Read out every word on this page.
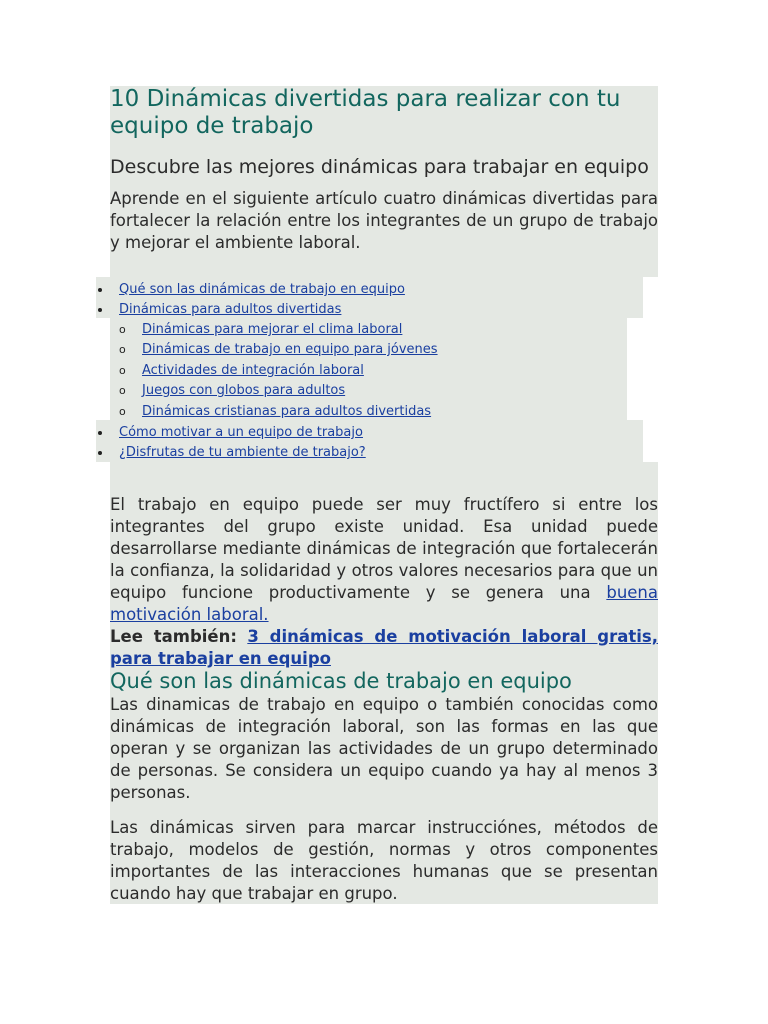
10 Dinámicas divertidas para realizar con tu equipo de trabajo
Descubre las mejores dinámicas para trabajar en equipo

Aprende en el siguiente artículo cuatro dinámicas divertidas para fortalecer la relación entre los integrantes de un grupo de trabajo y mejorar el ambiente laboral.

Qué son las dinámicas de trabajo en equipo
Dinámicas para adultos divertidas
o Dinámicas para mejorar el clima laboral
o Dinámicas de trabajo en equipo para jóvenes
o Actividades de integración laboral
o Juegos con globos para adultos
o Dinámicas cristianas para adultos divertidas
Cómo motivar a un equipo de trabajo
¿Disfrutas de tu ambiente de trabajo?

El trabajo en equipo puede ser muy fructífero si entre los integrantes del grupo existe unidad. Esa unidad puede desarrollarse mediante dinámicas de integración que fortalecerán la confianza, la solidaridad y otros valores necesarios para que un equipo funcione productivamente y se genera una buena motivación laboral.

Lee también: 3 dinámicas de motivación laboral gratis, para trabajar en equipo

Qué son las dinámicas de trabajo en equipo

Las dinamicas de trabajo en equipo o también conocidas como dinámicas de integración laboral, son las formas en las que operan y se organizan las actividades de un grupo determinado de personas. Se considera un equipo cuando ya hay al menos 3 personas.

Las dinámicas sirven para marcar instrucciónes, métodos de trabajo, modelos de gestión, normas y otros componentes importantes de las interacciones humanas que se presentan cuando hay que trabajar en grupo.
